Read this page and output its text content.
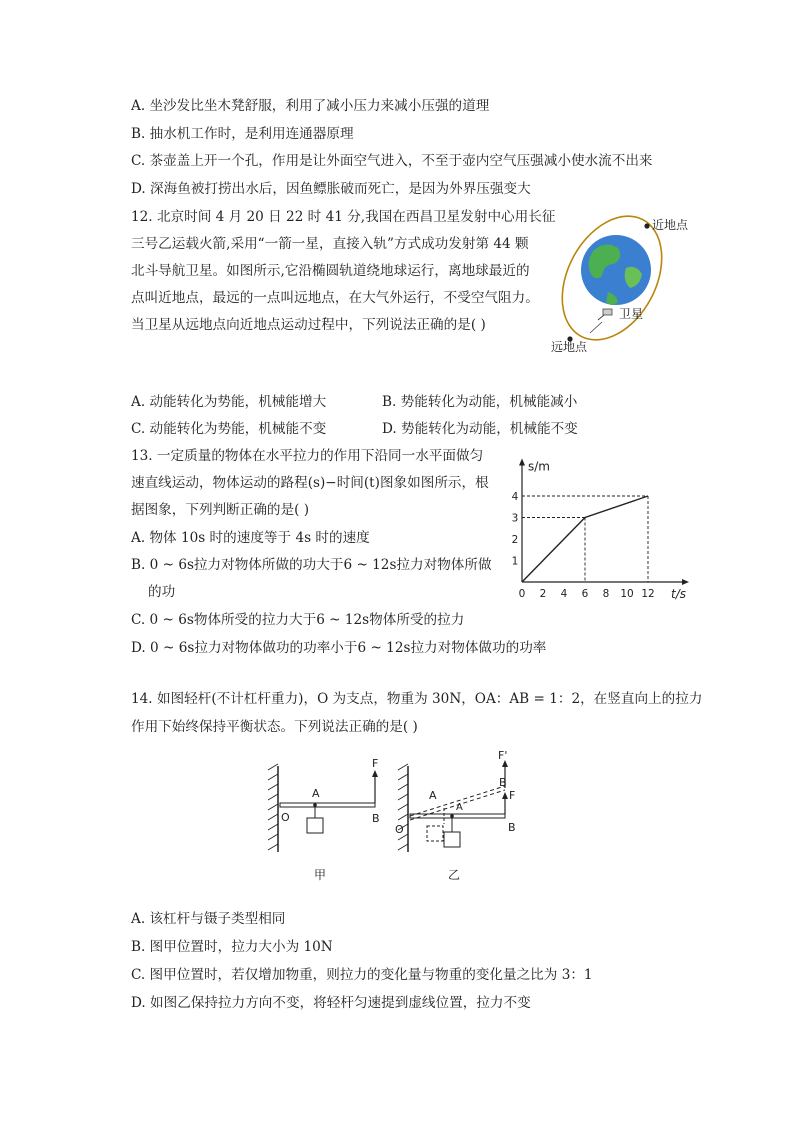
A. 坐沙发比坐木凳舒服，利用了减小压力来减小压强的道理
B. 抽水机工作时，是利用连通器原理
C. 茶壶盖上开一个孔，作用是让外面空气进入，不至于壶内空气压强减小使水流不出来
D. 深海鱼被打捞出水后，因鱼鳔胀破而死亡，是因为外界压强变大
12. 北京时间 4 月 20 日 22 时 41 分,我国在西昌卫星发射中心用长征
三号乙运载火箭,采用“一箭一星，直接入轨”方式成功发射第 44 颗
北斗导航卫星。如图所示,它沿椭圆轨道绕地球运行，离地球最近的
点叫近地点，最远的一点叫远地点，在大气外运行，不受空气阻力。
当卫星从远地点向近地点运动过程中，下列说法正确的是( )
近地点
远地点
卫星
A. 动能转化为势能，机械能增大	B. 势能转化为动能，机械能减小
C. 动能转化为势能，机械能不变	D. 势能转化为动能，机械能不变
13. 一定质量的物体在水平拉力的作用下沿同一水平面做匀
速直线运动，物体运动的路程(s)−时间(t)图象如图所示，根
据图象，下列判断正确的是( )
t/s
s/m
0 2 4 6 8 10 12
1
2
3
4
A. 物体 10s 时的速度等于 4s 时的速度
B. 0 ~ 6s拉力对物体所做的功大于6 ~ 12s拉力对物体所做
的功
C. 0 ~ 6s物体所受的拉力大于6 ~ 12s物体所受的拉力
D. 0 ~ 6s拉力对物体做功的功率小于6 ~ 12s拉力对物体做功的功率
14. 如图轻杆(不计杠杆重力)，O 为支点，物重为 30N，OA：AB = 1：2，在竖直向上的拉力
作用下始终保持平衡状态。下列说法正确的是( )
F
A
B
O
甲
F'
B
F
A
A
B
O
乙
A. 该杠杆与镊子类型相同
B. 图甲位置时，拉力大小为 10N
C. 图甲位置时，若仅增加物重，则拉力的变化量与物重的变化量之比为 3：1
D. 如图乙保持拉力方向不变，将轻杆匀速提到虚线位置，拉力不变
